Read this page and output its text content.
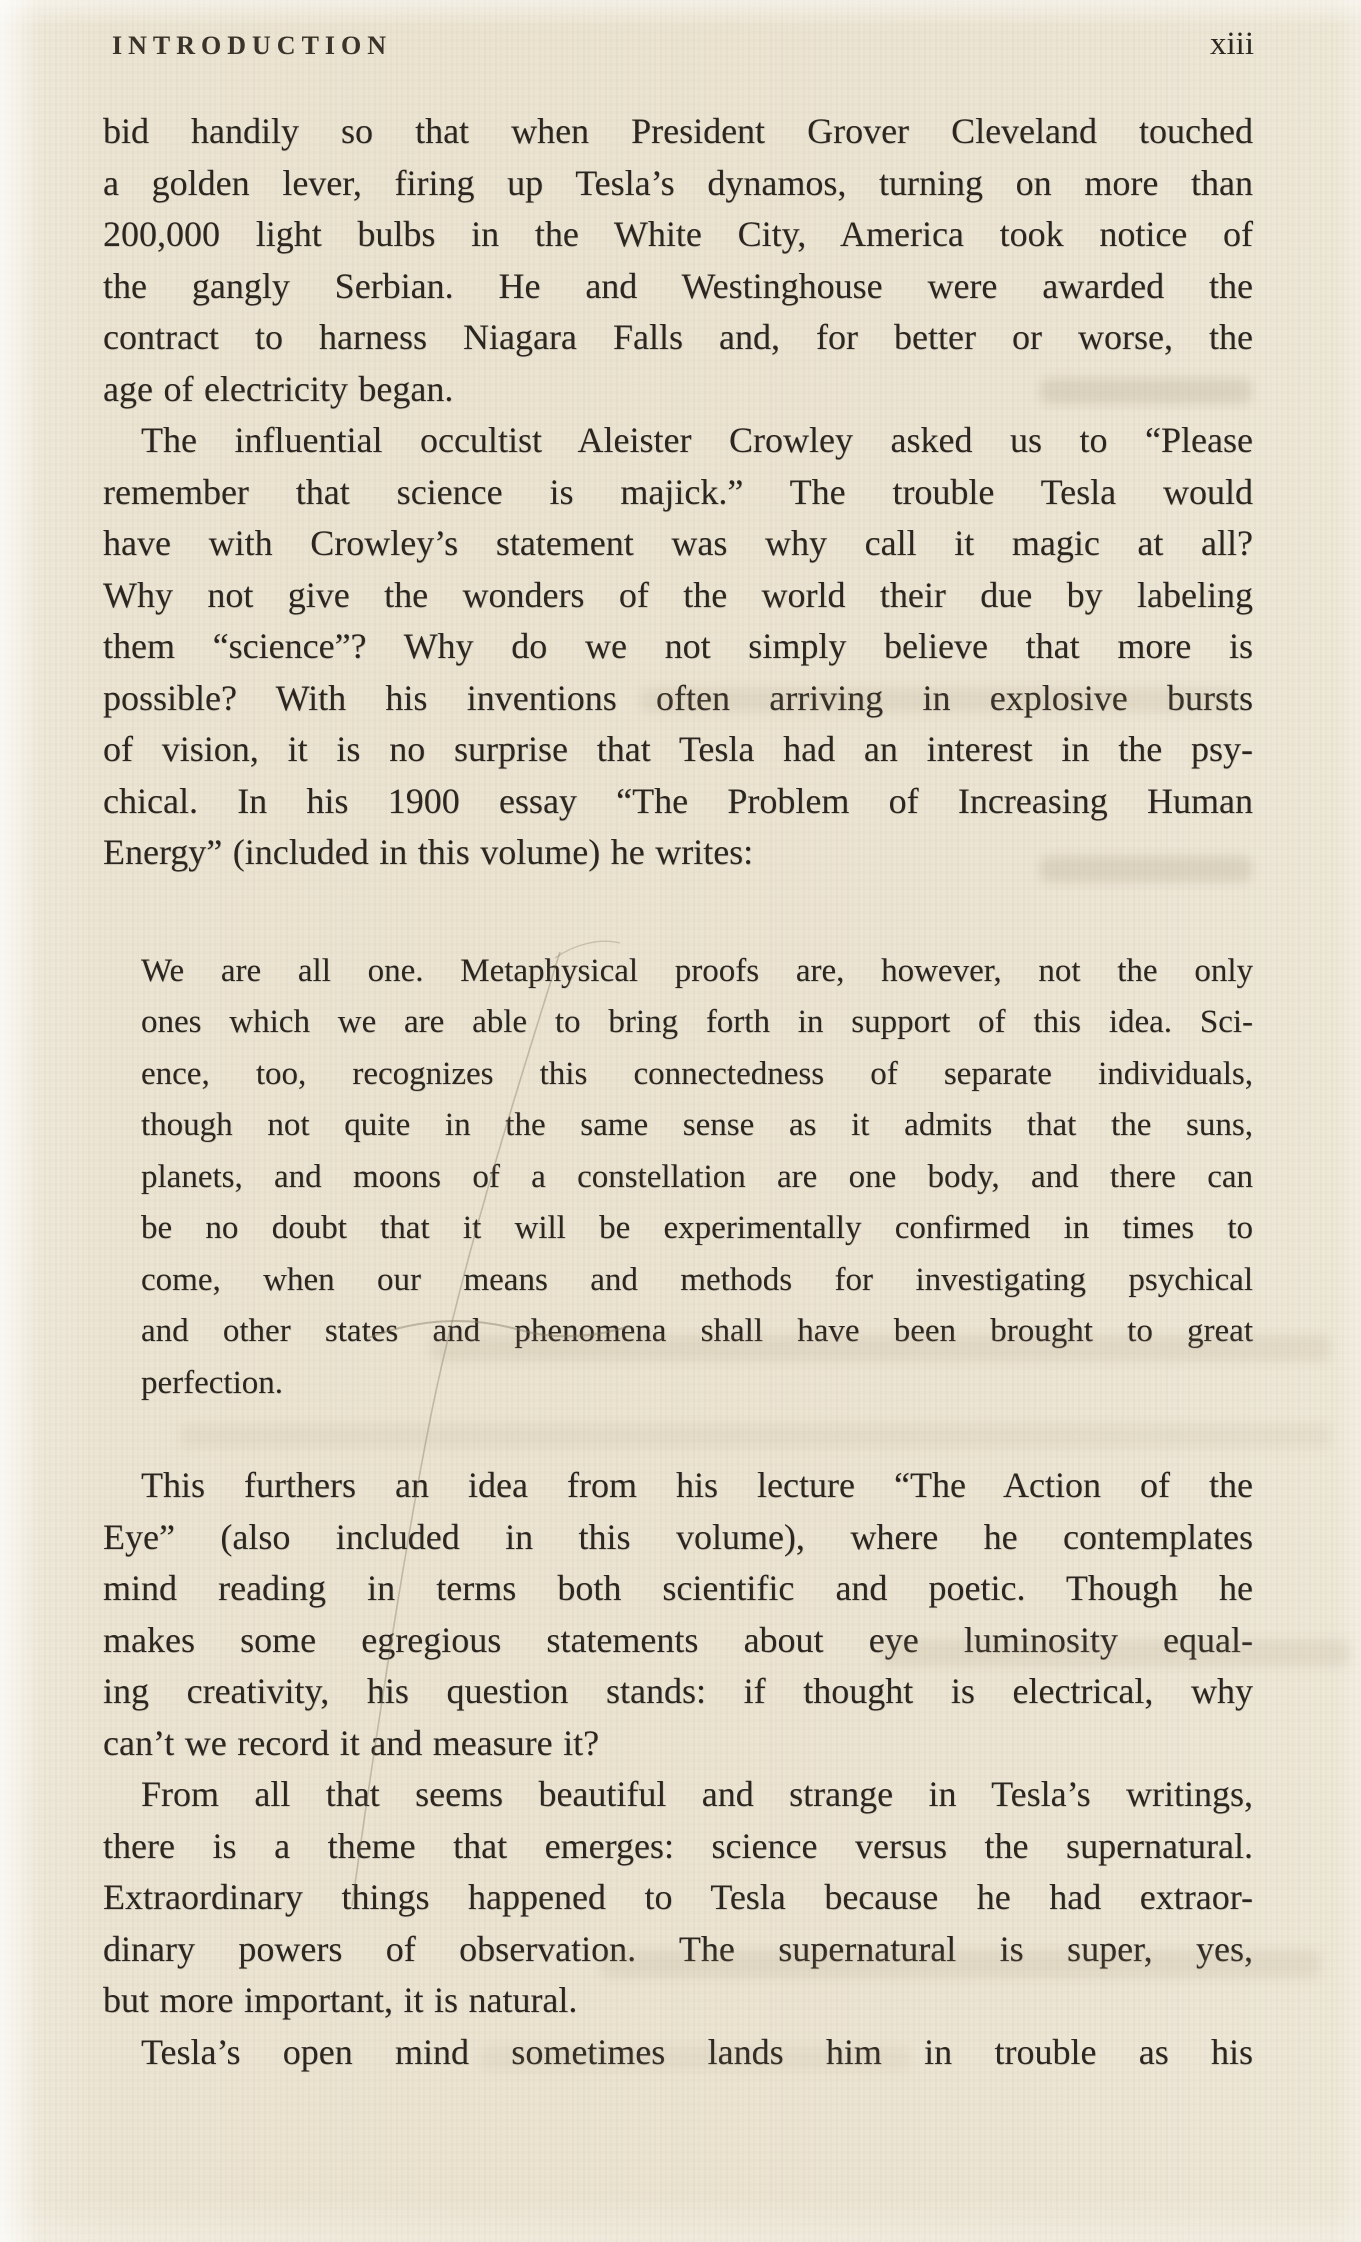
INTRODUCTION	xiii
bid handily so that when President Grover Cleveland touched
a golden lever, firing up Tesla’s dynamos, turning on more than
200,000 light bulbs in the White City, America took notice of
the gangly Serbian. He and Westinghouse were awarded the
contract to harness Niagara Falls and, for better or worse, the
age of electricity began.
The influential occultist Aleister Crowley asked us to “Please
remember that science is majick.” The trouble Tesla would
have with Crowley’s statement was why call it magic at all?
Why not give the wonders of the world their due by labeling
them “science”? Why do we not simply believe that more is
possible? With his inventions often arriving in explosive bursts
of vision, it is no surprise that Tesla had an interest in the psy-
chical. In his 1900 essay “The Problem of Increasing Human
Energy” (included in this volume) he writes:
We are all one. Metaphysical proofs are, however, not the only
ones which we are able to bring forth in support of this idea. Sci-
ence, too, recognizes this connectedness of separate individuals,
though not quite in the same sense as it admits that the suns,
planets, and moons of a constellation are one body, and there can
be no doubt that it will be experimentally confirmed in times to
come, when our means and methods for investigating psychical
and other states and phenomena shall have been brought to great
perfection.
This furthers an idea from his lecture “The Action of the
Eye” (also included in this volume), where he contemplates
mind reading in terms both scientific and poetic. Though he
makes some egregious statements about eye luminosity equal-
ing creativity, his question stands: if thought is electrical, why
can’t we record it and measure it?
From all that seems beautiful and strange in Tesla’s writings,
there is a theme that emerges: science versus the supernatural.
Extraordinary things happened to Tesla because he had extraor-
dinary powers of observation. The supernatural is super, yes,
but more important, it is natural.
Tesla’s open mind sometimes lands him in trouble as his
